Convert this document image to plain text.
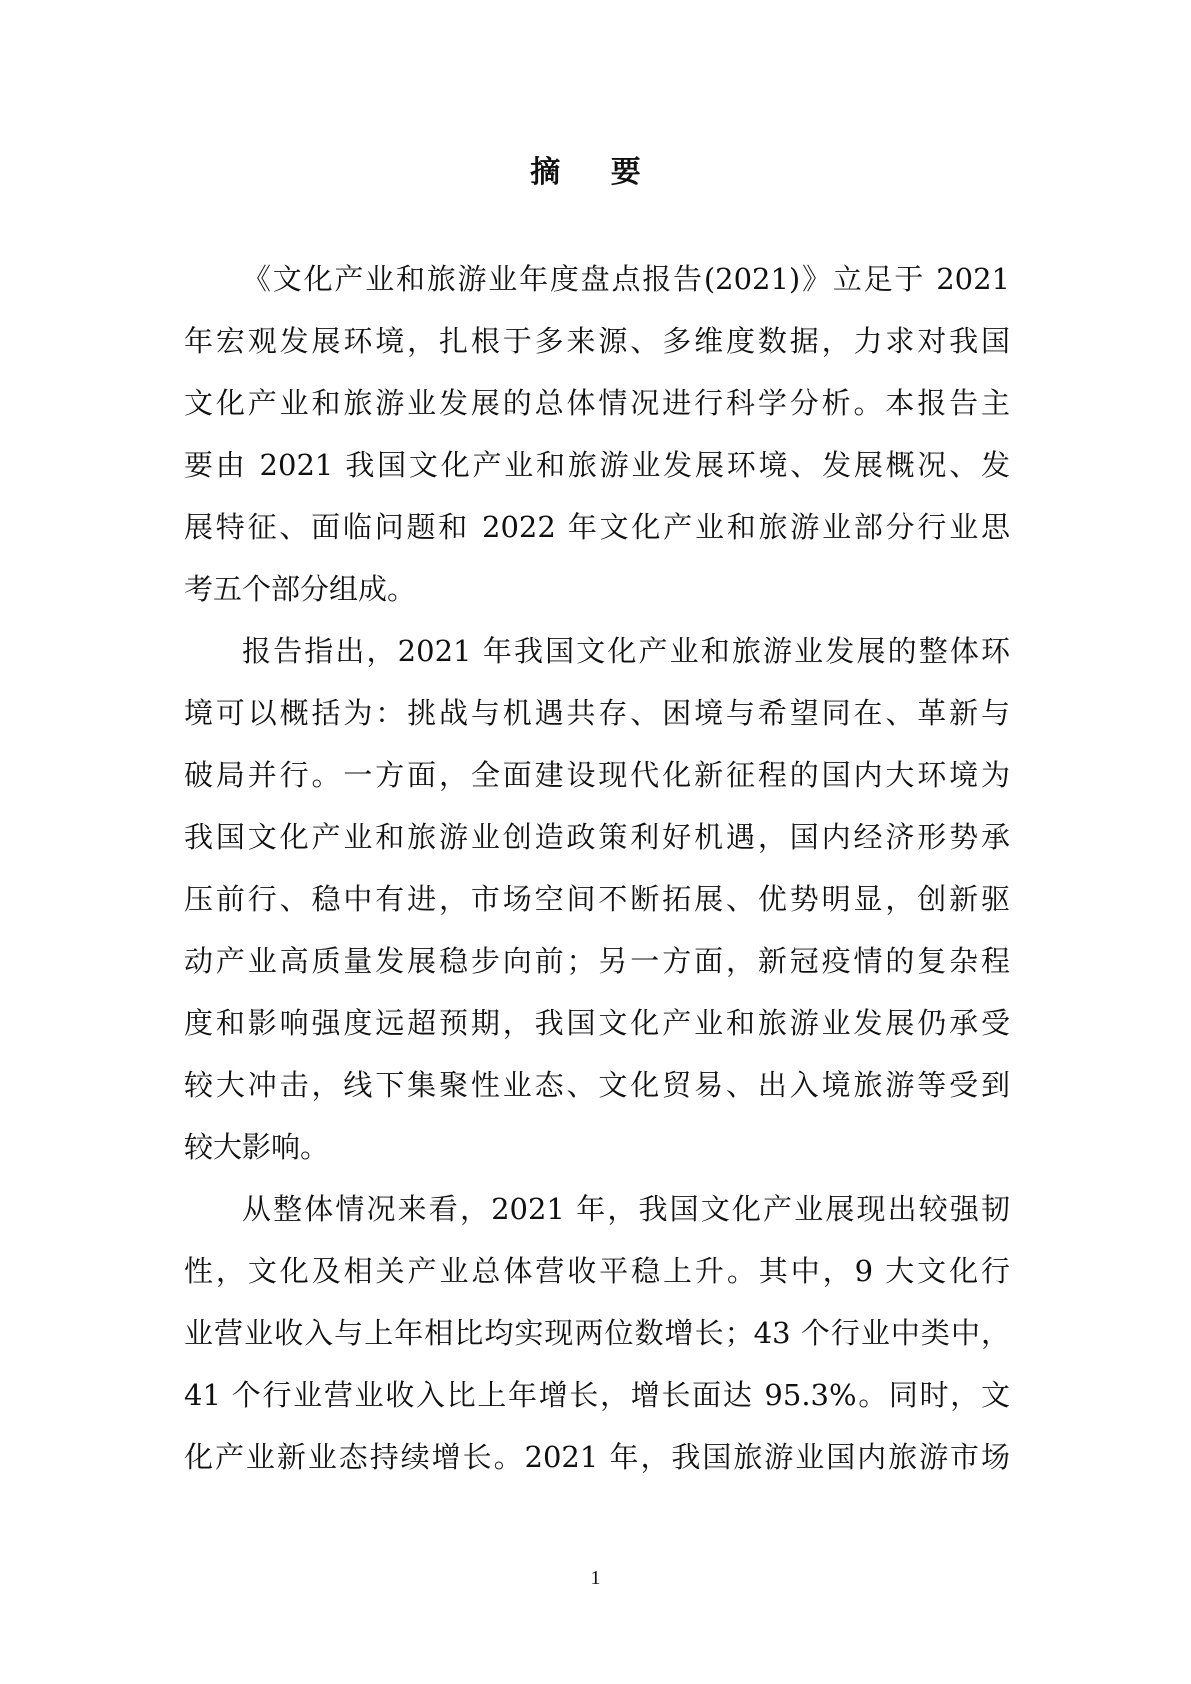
摘 要
《文化产业和旅游业年度盘点报告(2021)》立足于 2021
年宏观发展环境，扎根于多来源、多维度数据，力求对我国
文化产业和旅游业发展的总体情况进行科学分析。本报告主
要由 2021 我国文化产业和旅游业发展环境、发展概况、发
展特征、面临问题和 2022 年文化产业和旅游业部分行业思
考五个部分组成。
报告指出，2021 年我国文化产业和旅游业发展的整体环
境可以概括为：挑战与机遇共存、困境与希望同在、革新与
破局并行。一方面，全面建设现代化新征程的国内大环境为
我国文化产业和旅游业创造政策利好机遇，国内经济形势承
压前行、稳中有进，市场空间不断拓展、优势明显，创新驱
动产业高质量发展稳步向前；另一方面，新冠疫情的复杂程
度和影响强度远超预期，我国文化产业和旅游业发展仍承受
较大冲击，线下集聚性业态、文化贸易、出入境旅游等受到
较大影响。
从整体情况来看，2021 年，我国文化产业展现出较强韧
性，文化及相关产业总体营收平稳上升。其中，9 大文化行
业营业收入与上年相比均实现两位数增长；43 个行业中类中，
41 个行业营业收入比上年增长，增长面达 95.3%。同时，文
化产业新业态持续增长。2021 年，我国旅游业国内旅游市场
1
